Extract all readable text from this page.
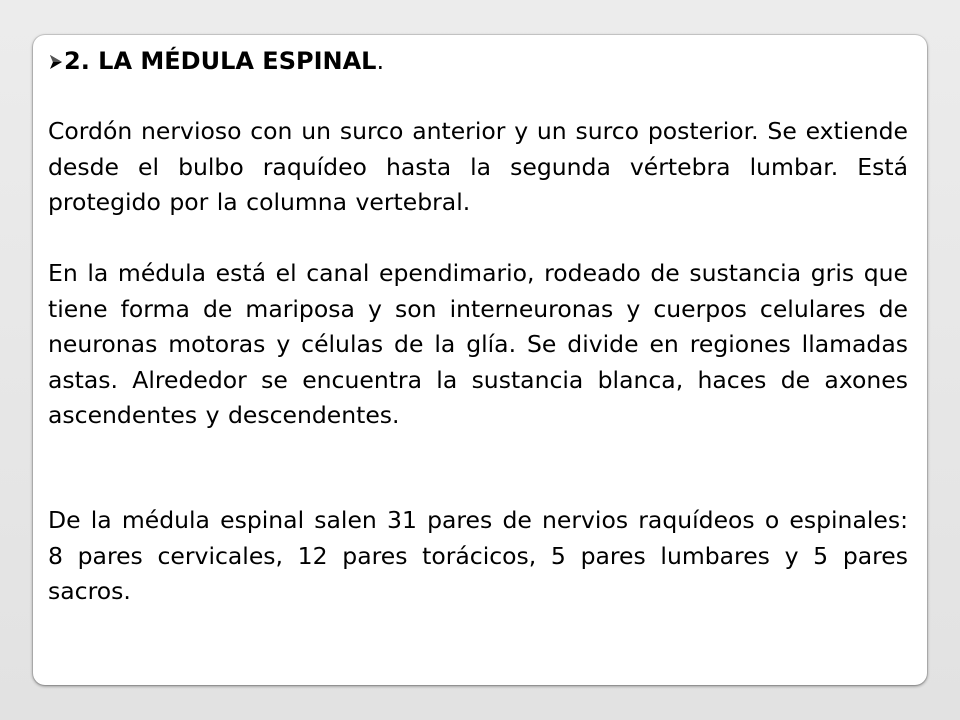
2. LA MÉDULA ESPINAL.
Cordón nervioso con un surco anterior y un surco posterior. Se extiende desde el bulbo raquídeo hasta la segunda vértebra lumbar. Está protegido por la columna vertebral.
En la médula está el canal ependimario, rodeado de sustancia gris que tiene forma de mariposa y son interneuronas y cuerpos celulares de neuronas motoras y células de la glía. Se divide en regiones llamadas astas. Alrededor se encuentra la sustancia blanca, haces de axones ascendentes y descendentes.
De la médula espinal salen 31 pares de nervios raquídeos o espinales: 8 pares cervicales, 12 pares torácicos, 5 pares lumbares y 5 pares sacros.
